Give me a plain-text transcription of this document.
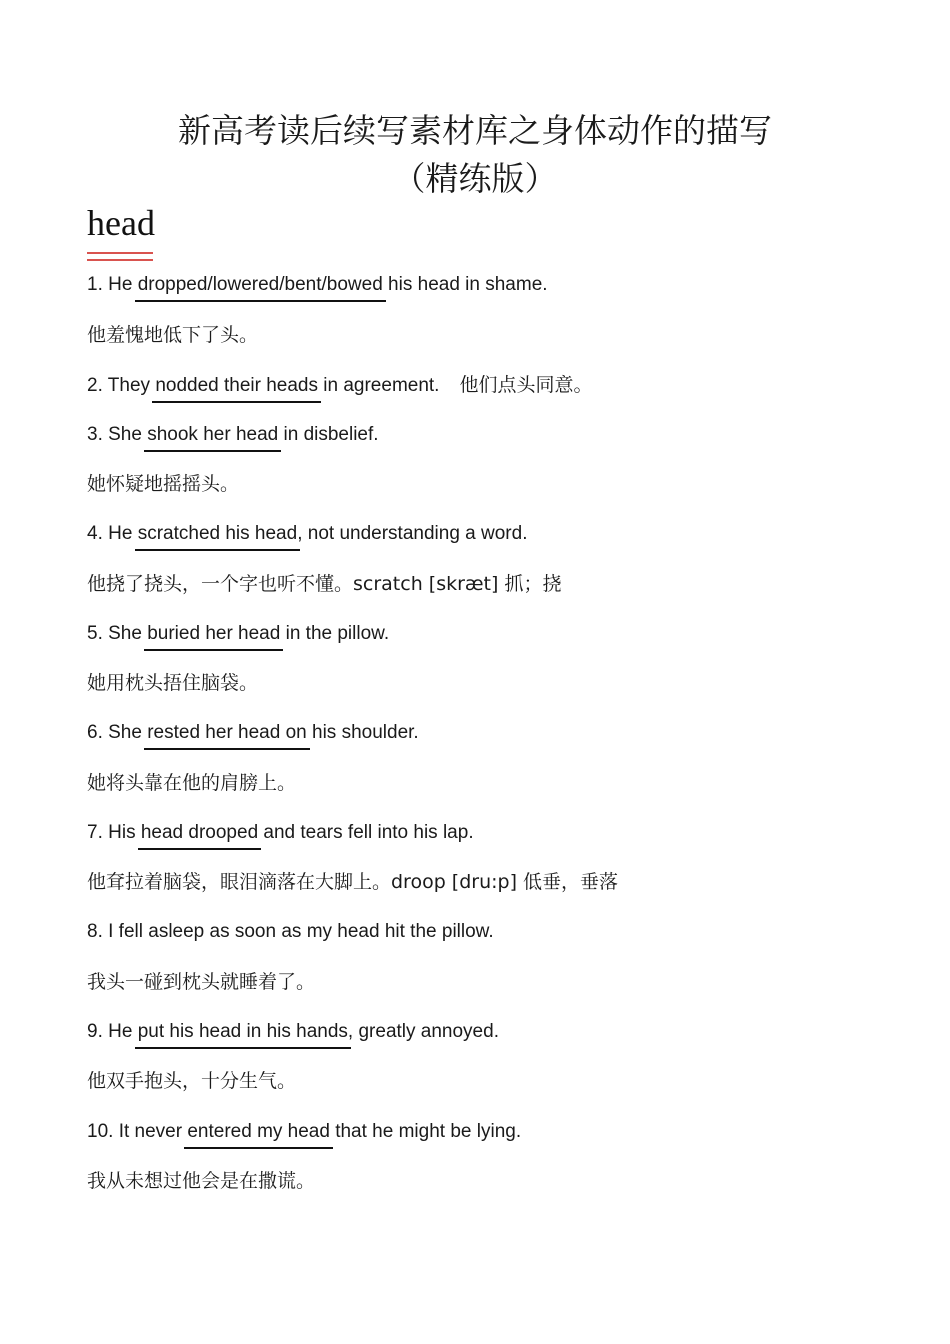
新高考读后续写素材库之身体动作的描写
（精练版）
head
1. He dropped/lowered/bent/bowed his head in shame.
他羞愧地低下了头。
2. They nodded their heads in agreement. 他们点头同意。
3. She shook her head in disbelief.
她怀疑地摇摇头。
4. He scratched his head, not understanding a word.
他挠了挠头，一个字也听不懂。scratch [skræt] 抓；挠
5. She buried her head in the pillow.
她用枕头捂住脑袋。
6. She rested her head on his shoulder.
她将头靠在他的肩膀上。
7. His head drooped and tears fell into his lap.
他耷拉着脑袋，眼泪滴落在大脚上。droop [dru:p] 低垂，垂落
8. I fell asleep as soon as my head hit the pillow.
我头一碰到枕头就睡着了。
9. He put his head in his hands, greatly annoyed.
他双手抱头，十分生气。
10. It never entered my head that he might be lying.
我从未想过他会是在撒谎。
